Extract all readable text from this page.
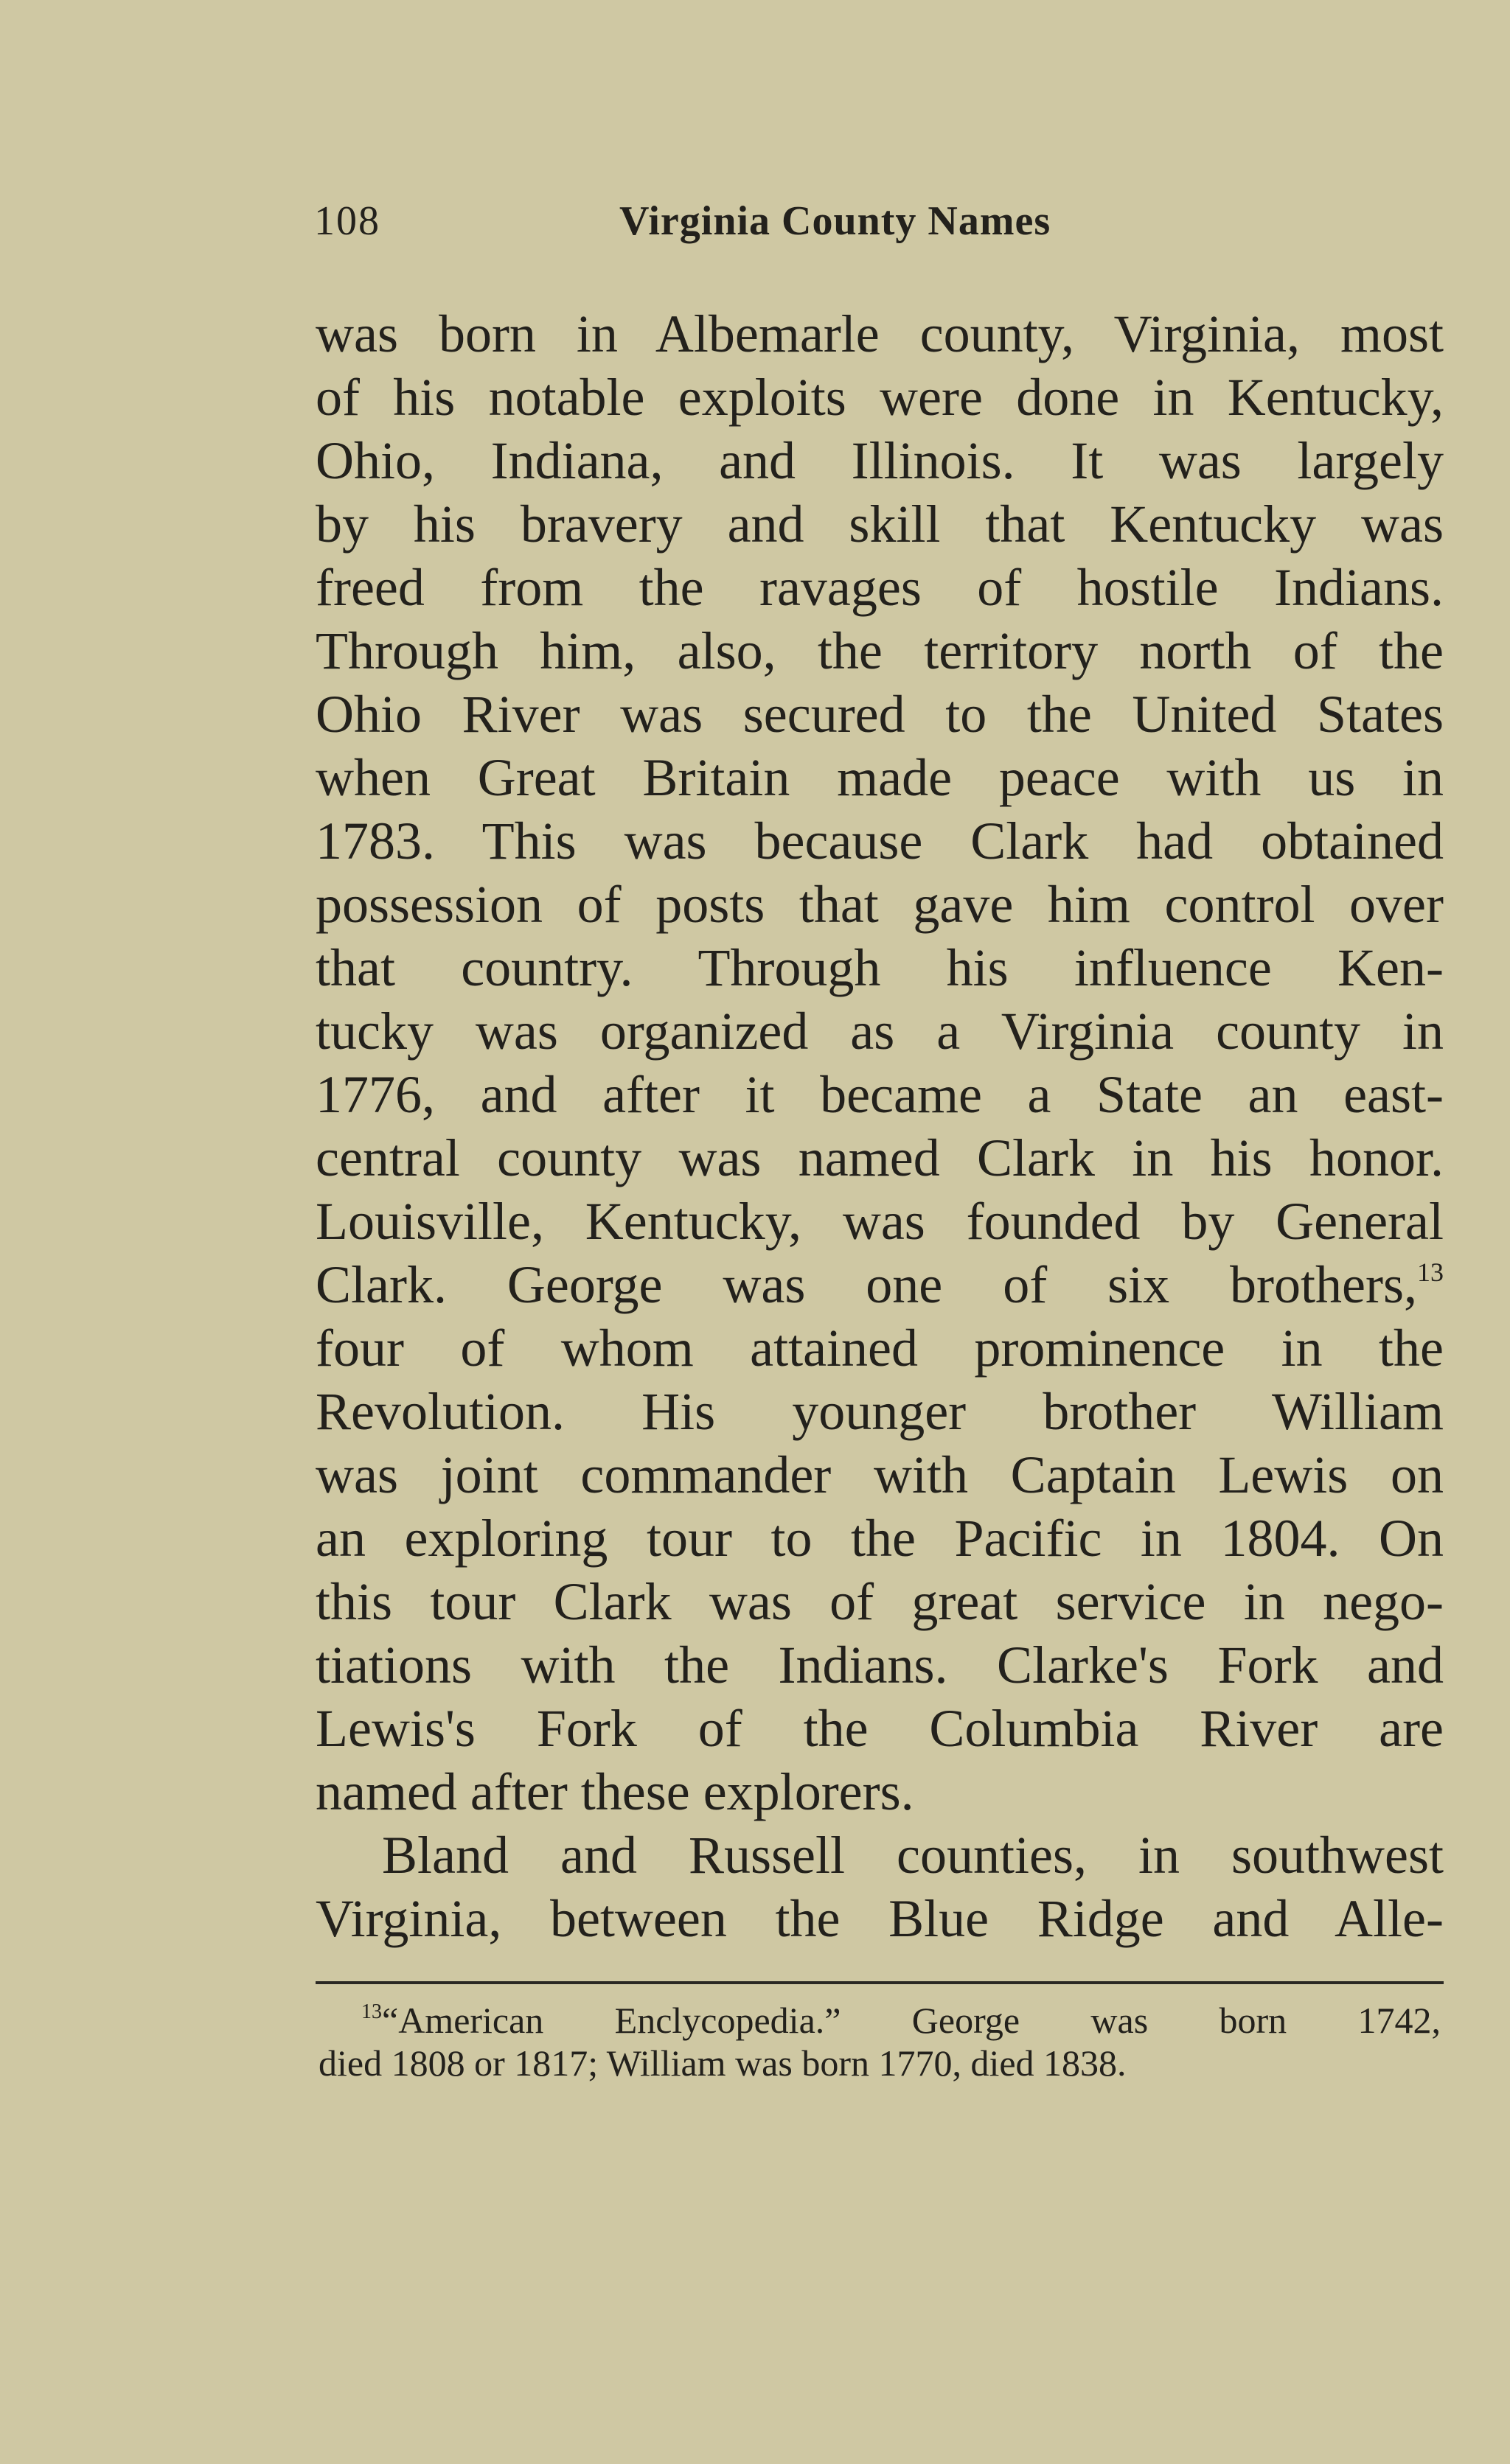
108	Virginia County Names
was born in Albemarle county, Virginia, most
of his notable exploits were done in Kentucky,
Ohio, Indiana, and Illinois. It was largely
by his bravery and skill that Kentucky was
freed from the ravages of hostile Indians.
Through him, also, the territory north of the
Ohio River was secured to the United States
when Great Britain made peace with us in
1783. This was because Clark had obtained
possession of posts that gave him control over
that country. Through his influence Ken-
tucky was organized as a Virginia county in
1776, and after it became a State an east-
central county was named Clark in his honor.
Louisville, Kentucky, was founded by General
Clark. George was one of six brothers,$^{13}$
four of whom attained prominence in the
Revolution. His younger brother William
was joint commander with Captain Lewis on
an exploring tour to the Pacific in 1804. On
this tour Clark was of great service in nego-
tiations with the Indians. Clarke's Fork and
Lewis's Fork of the Columbia River are
named after these explorers.
Bland and Russell counties, in southwest
Virginia, between the Blue Ridge and Alle-
$^{13}$“American Enclycopedia.” George was born 1742,
died 1808 or 1817; William was born 1770, died 1838.
